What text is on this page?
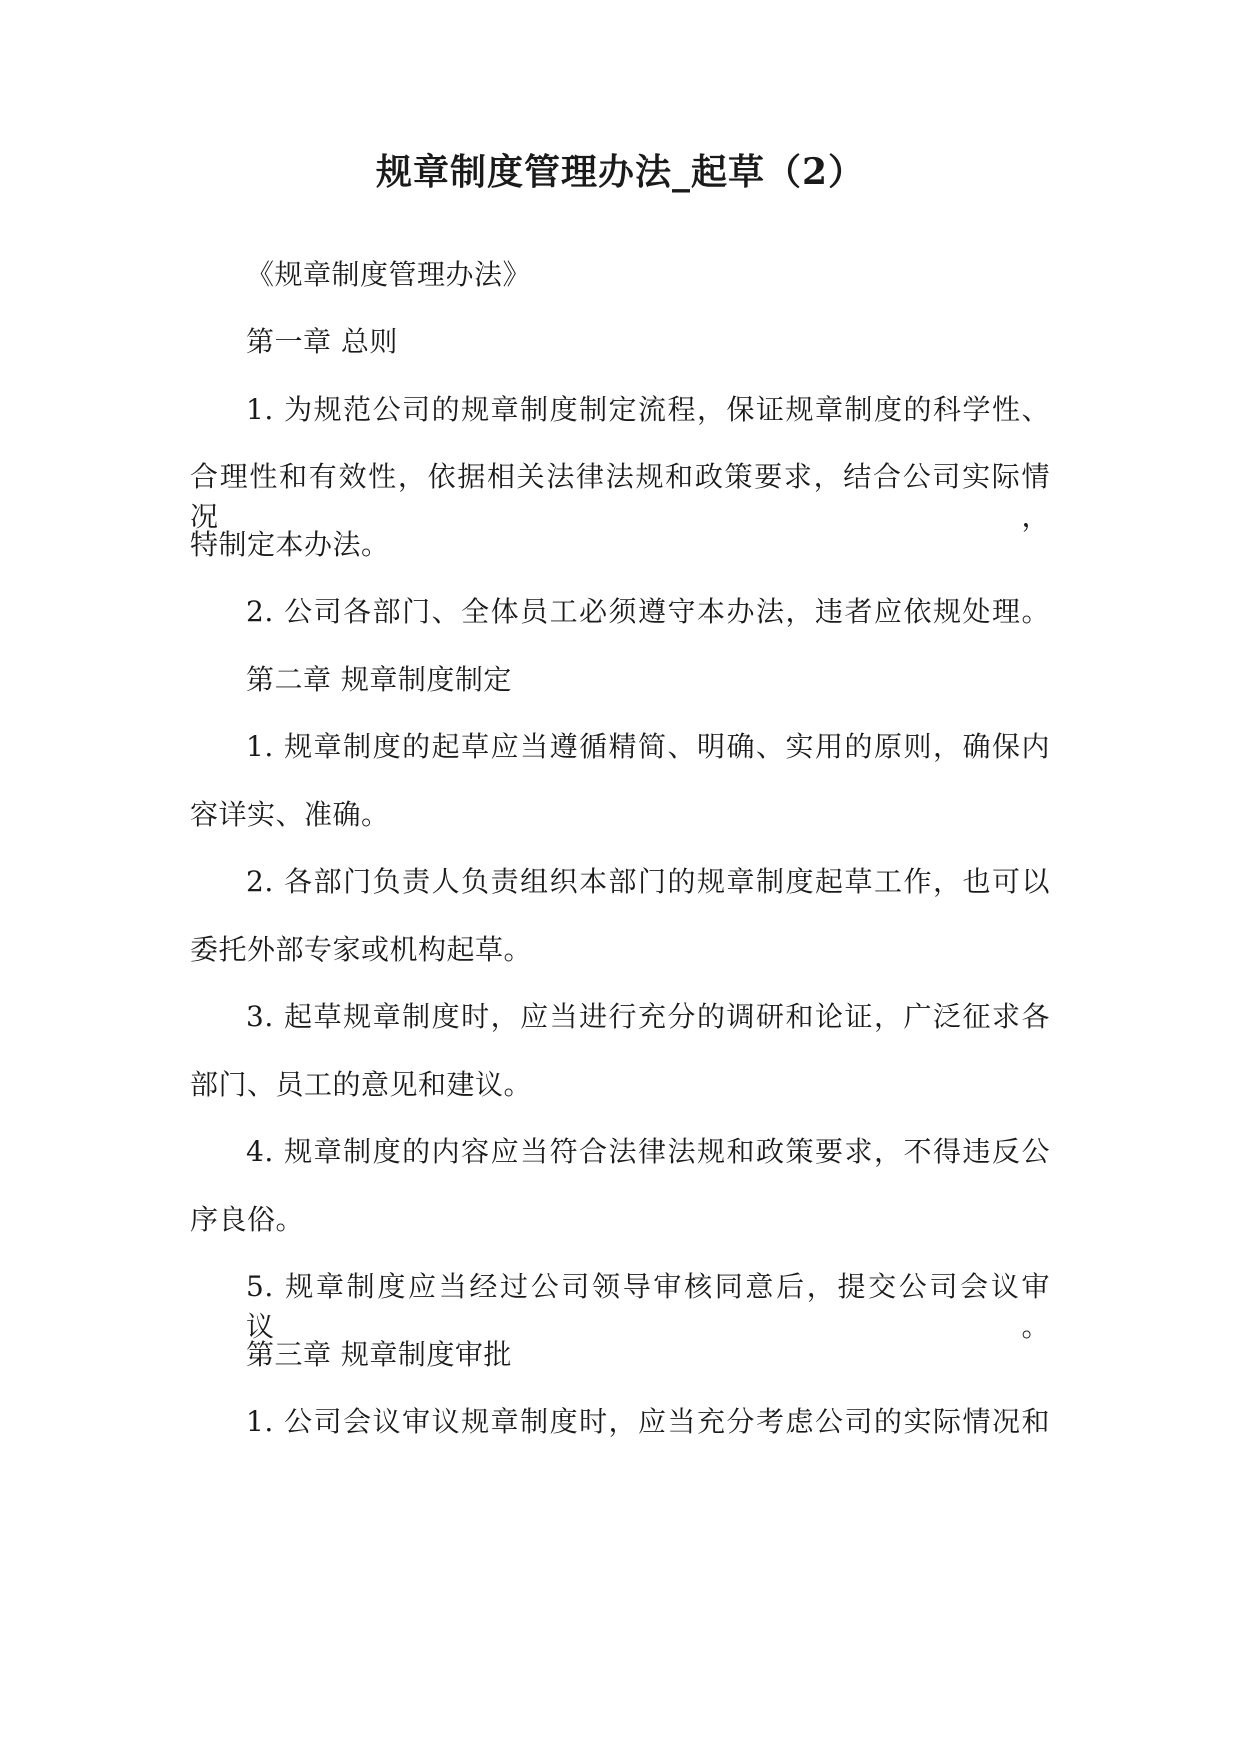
规章制度管理办法_起草（2）
《规章制度管理办法》
第一章 总则
1. 为规范公司的规章制度制定流程，保证规章制度的科学性、
合理性和有效性，依据相关法律法规和政策要求，结合公司实际情况，
特制定本办法。
2. 公司各部门、全体员工必须遵守本办法，违者应依规处理。
第二章 规章制度制定
1. 规章制度的起草应当遵循精简、明确、实用的原则，确保内
容详实、准确。
2. 各部门负责人负责组织本部门的规章制度起草工作，也可以
委托外部专家或机构起草。
3. 起草规章制度时，应当进行充分的调研和论证，广泛征求各
部门、员工的意见和建议。
4. 规章制度的内容应当符合法律法规和政策要求，不得违反公
序良俗。
5. 规章制度应当经过公司领导审核同意后，提交公司会议审议。
第三章 规章制度审批
1. 公司会议审议规章制度时，应当充分考虑公司的实际情况和
